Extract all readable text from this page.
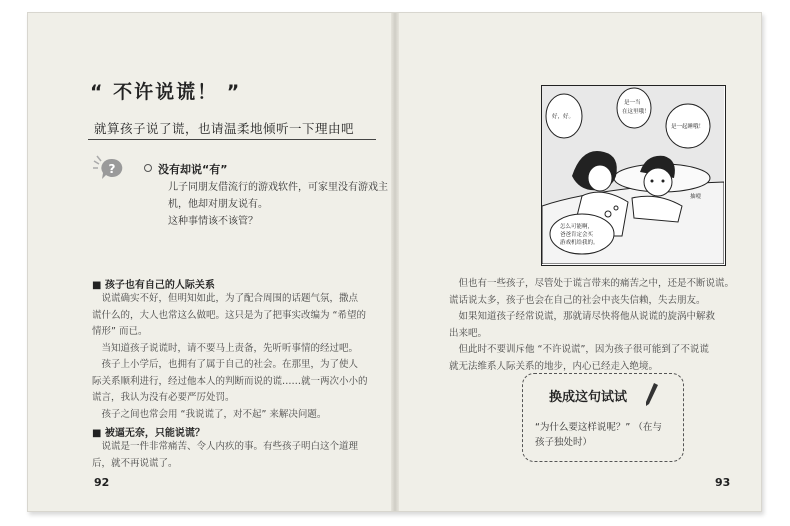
“ 不许说谎！ ”
就算孩子说了谎，也请温柔地倾听一下理由吧
?	没有却说“有”
儿子同朋友借流行的游戏软件，可家里没有游戏主
机，他却对朋友说有。
这种事情该不该管？
■ 孩子也有自己的人际关系
　说谎确实不好，但明知如此，为了配合周围的话题气氛，撒点
谎什么的，大人也常这么做吧。这只是为了把事实改编为 “希望的
情形” 而已。
　当知道孩子说谎时，请不要马上责备，先听听事情的经过吧。
　孩子上小学后，也拥有了属于自己的社会。在那里，为了使人
际关系顺利进行，经过他本人的判断而说的谎……就一两次小小的
谎言，我认为没有必要严厉处罚。
　孩子之间也常会用 “我说谎了，对不起” 来解决问题。
■ 被逼无奈，只能说谎？
　说谎是一件非常痛苦、令人内疚的事。有些孩子明白这个道理
后，就不再说谎了。
92
好，好。
是一当
在这里哦！
是一起睡哦！
抽噎
怎么可能啊，
爸爸肯定会买
游戏机给我的。
　但也有一些孩子，尽管处于谎言带来的痛苦之中，还是不断说谎。
谎话说太多，孩子也会在自己的社会中丧失信赖，失去朋友。
　如果知道孩子经常说谎，那就请尽快将他从说谎的旋涡中解救
出来吧。
　但此时不要训斥他 “不许说谎”，因为孩子很可能到了不说谎
就无法维系人际关系的地步，内心已经走入绝境。
换成这句试试
“为什么要这样说呢？” （在与
孩子独处时）
93
